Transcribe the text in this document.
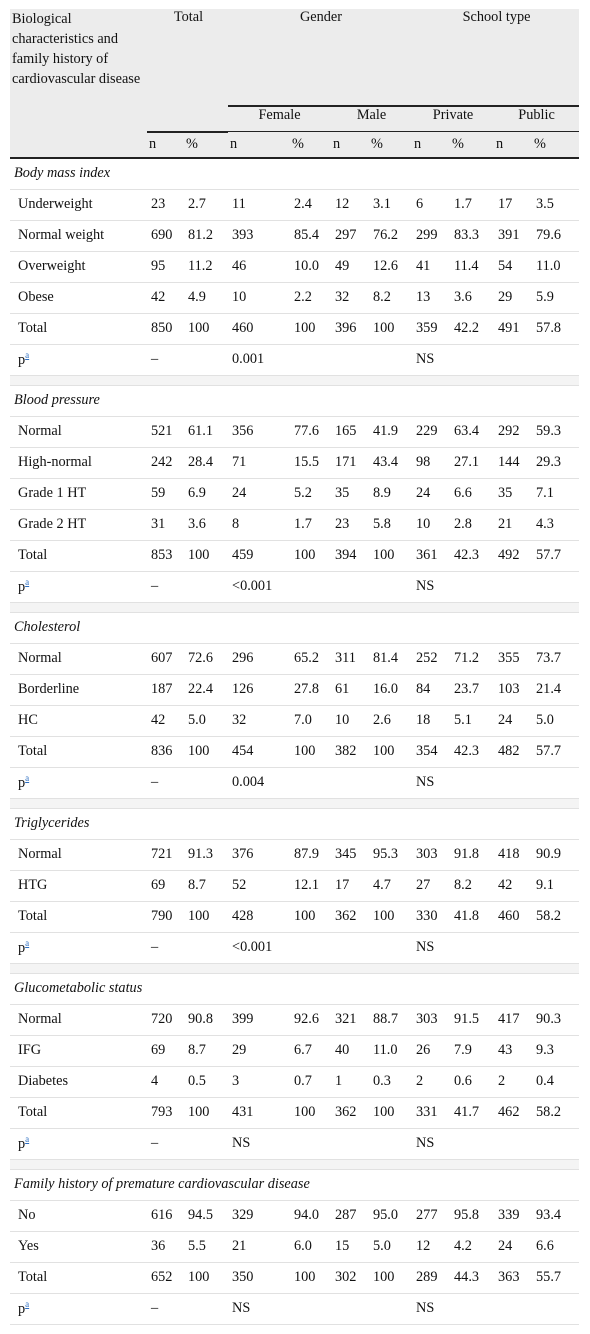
Biological characteristics and family history of cardiovascular disease	Total		Gender				School type			
			Female		Male		Private		Public	
	n	%	n	%	n	%	n	%	n	%

Body mass index										
Underweight	23	2.7	11	2.4	12	3.1	6	1.7	17	3.5
Normal weight	690	81.2	393	85.4	297	76.2	299	83.3	391	79.6
Overweight	95	11.2	46	10.0	49	12.6	41	11.4	54	11.0
Obese	42	4.9	10	2.2	32	8.2	13	3.6	29	5.9
Total	850	100	460	100	396	100	359	42.2	491	57.8
$p^a$	–		0.001				NS			

Blood pressure										
Normal	521	61.1	356	77.6	165	41.9	229	63.4	292	59.3
High-normal	242	28.4	71	15.5	171	43.4	98	27.1	144	29.3
Grade 1 HT	59	6.9	24	5.2	35	8.9	24	6.6	35	7.1
Grade 2 HT	31	3.6	8	1.7	23	5.8	10	2.8	21	4.3
Total	853	100	459	100	394	100	361	42.3	492	57.7
$p^a$	–		<0.001				NS			

Cholesterol										
Normal	607	72.6	296	65.2	311	81.4	252	71.2	355	73.7
Borderline	187	22.4	126	27.8	61	16.0	84	23.7	103	21.4
HC	42	5.0	32	7.0	10	2.6	18	5.1	24	5.0
Total	836	100	454	100	382	100	354	42.3	482	57.7
$p^a$	–		0.004				NS			

Triglycerides										
Normal	721	91.3	376	87.9	345	95.3	303	91.8	418	90.9
HTG	69	8.7	52	12.1	17	4.7	27	8.2	42	9.1
Total	790	100	428	100	362	100	330	41.8	460	58.2
$p^a$	–		<0.001				NS			

Glucometabolic status										
Normal	720	90.8	399	92.6	321	88.7	303	91.5	417	90.3
IFG	69	8.7	29	6.7	40	11.0	26	7.9	43	9.3
Diabetes	4	0.5	3	0.7	1	0.3	2	0.6	2	0.4
Total	793	100	431	100	362	100	331	41.7	462	58.2
$p^a$	–		NS				NS			

Family history of premature cardiovascular disease										
No	616	94.5	329	94.0	287	95.0	277	95.8	339	93.4
Yes	36	5.5	21	6.0	15	5.0	12	4.2	24	6.6
Total	652	100	350	100	302	100	289	44.3	363	55.7
$p^a$	–		NS				NS			
